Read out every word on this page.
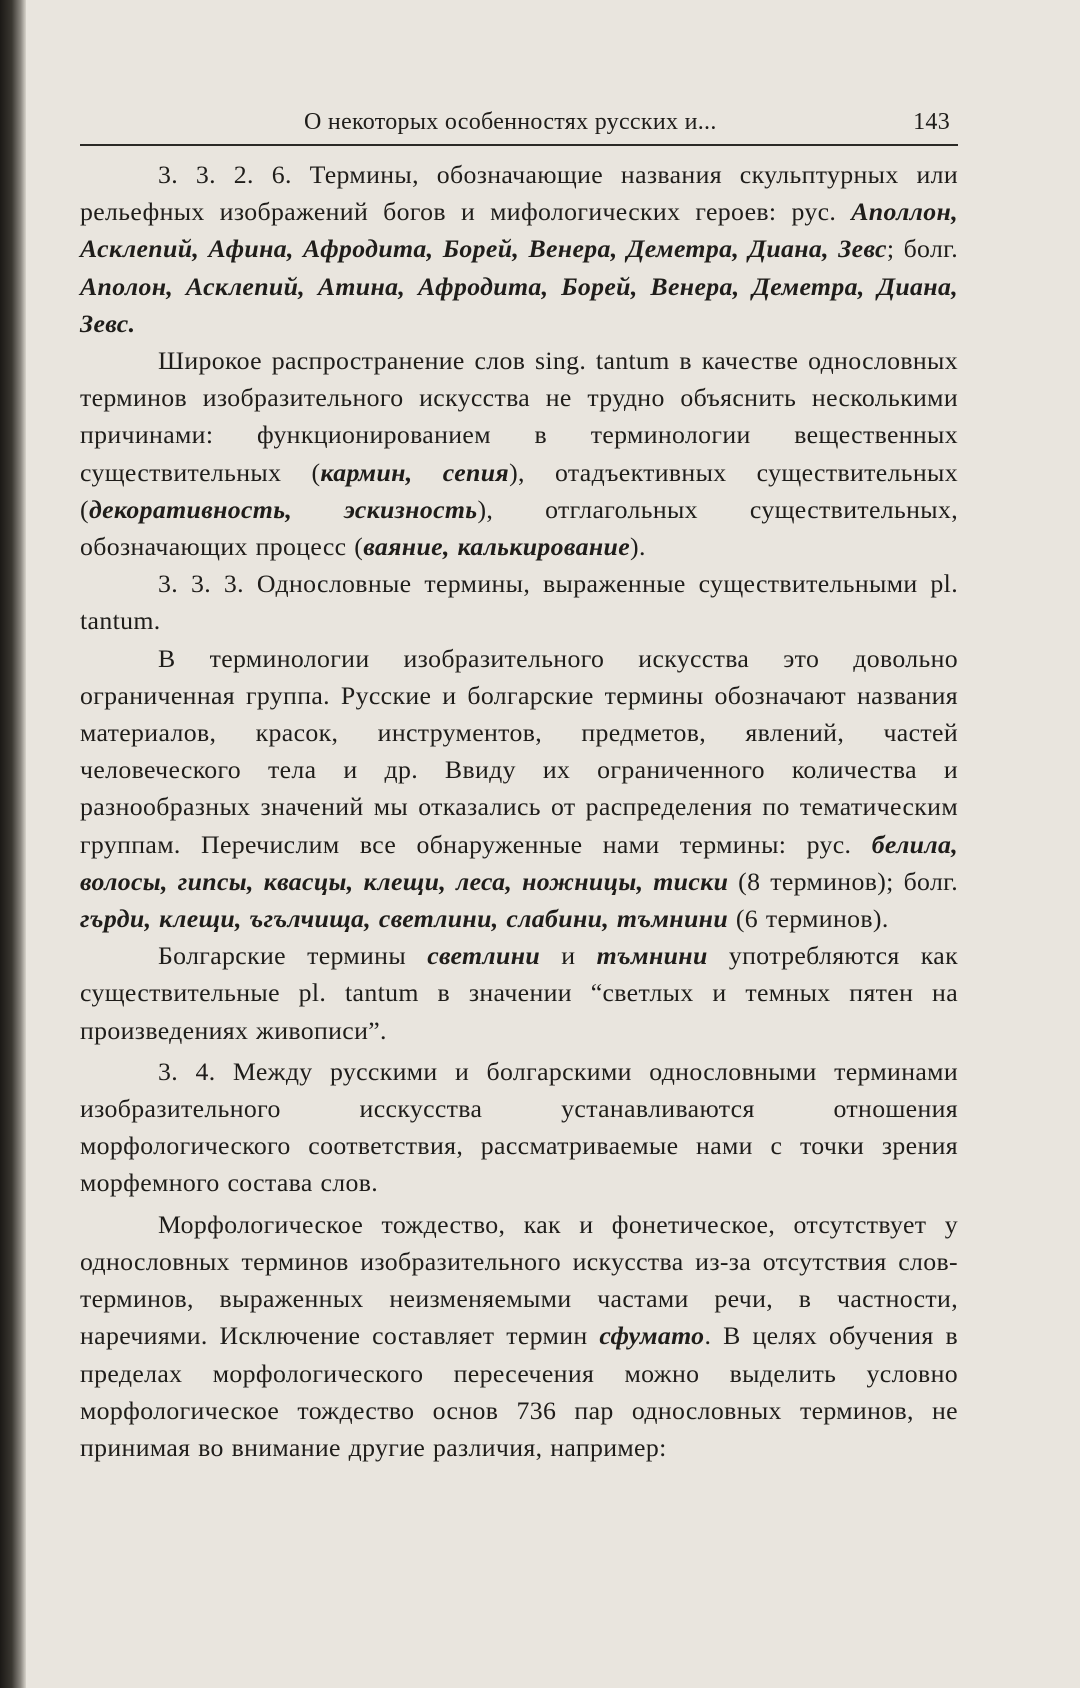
О некоторых особенностях русских и...	143

3. 3. 2. 6. Термины, обозначающие названия скульптурных или рельефных изображений богов и мифологических героев: рус. Аполлон, Асклепий, Афина, Афродита, Борей, Венера, Деметра, Диана, Зевс; болг. Аполон, Асклепий, Атина, Афродита, Борей, Венера, Деметра, Диана, Зевс.

Широкое распространение слов sing. tantum в качестве однословных терминов изобразительного искусства не трудно объяснить несколькими причинами: функционированием в терминологии вещественных существительных (кармин, сепия), отадъективных существительных (декоративность, эскизность), отглагольных существительных, обозначающих процесс (ваяние, калькирование).

3. 3. 3. Однословные термины, выраженные существительными pl. tantum.

В терминологии изобразительного искусства это довольно ограниченная группа. Русские и болгарские термины обозначают названия материалов, красок, инструментов, предметов, явлений, частей человеческого тела и др. Ввиду их ограниченного количества и разнообразных значений мы отказались от распределения по тематическим группам. Перечислим все обнаруженные нами термины: рус. белила, волосы, гипсы, квасцы, клещи, леса, ножницы, тиски (8 терминов); болг. гърди, клещи, ъгълчища, светлини, слабини, тъмнини (6 терминов).

Болгарские термины светлини и тъмнини употребляются как существительные pl. tantum в значении “светлых и темных пятен на произведениях живописи”.

3. 4. Между русскими и болгарскими однословными терминами изобразительного исскусства устанавливаются отношения морфологического соответствия, рассматриваемые нами с точки зрения морфемного состава слов.

Морфологическое тождество, как и фонетическое, отсутствует у однословных терминов изобразительного искусства из-за отсутствия слов-терминов, выраженных неизменяемыми частами речи, в частности, наречиями. Исключение составляет термин сфумато. В целях обучения в пределах морфологического пересечения можно выделить условно морфологическое тождество основ 736 пар однословных терминов, не принимая во внимание другие различия, например:
